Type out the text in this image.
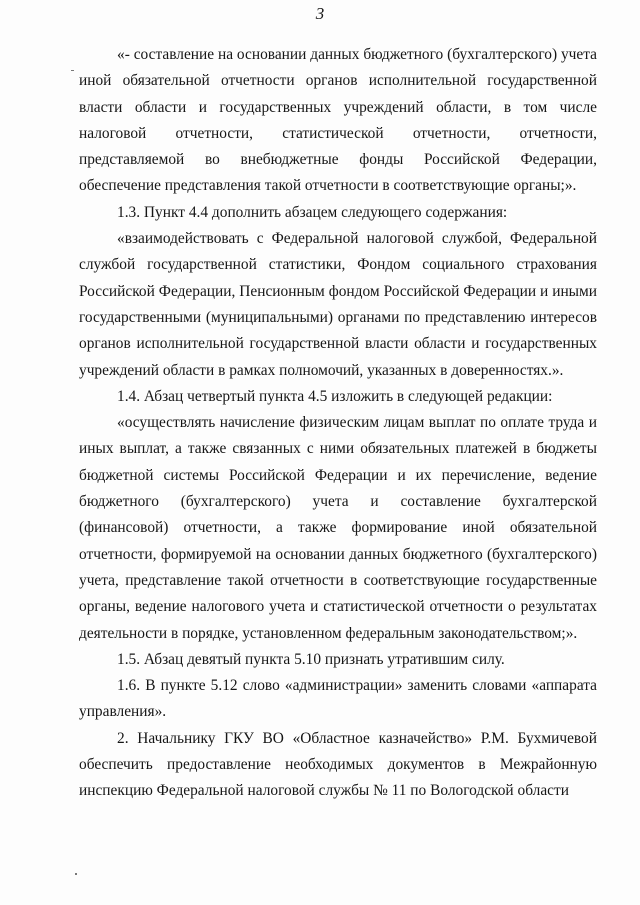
3

«- составление на основании данных бюджетного (бухгалтерского) учета иной обязательной отчетности органов исполнительной государственной власти области и государственных учреждений области, в том числе налоговой отчетности, статистической отчетности, отчетности, представляемой во внебюджетные фонды Российской Федерации, обеспечение представления такой отчетности в соответствующие органы;».

1.3. Пункт 4.4 дополнить абзацем следующего содержания:

«взаимодействовать с Федеральной налоговой службой, Федеральной службой государственной статистики, Фондом социального страхования Российской Федерации, Пенсионным фондом Российской Федерации и иными государственными (муниципальными) органами по представлению интересов органов исполнительной государственной власти области и государственных учреждений области в рамках полномочий, указанных в доверенностях.».

1.4. Абзац четвертый пункта 4.5 изложить в следующей редакции:

«осуществлять начисление физическим лицам выплат по оплате труда и иных выплат, а также связанных с ними обязательных платежей в бюджеты бюджетной системы Российской Федерации и их перечисление, ведение бюджетного (бухгалтерского) учета и составление бухгалтерской (финансовой) отчетности, а также формирование иной обязательной отчетности, формируемой на основании данных бюджетного (бухгалтерского) учета, представление такой отчетности в соответствующие государственные органы, ведение налогового учета и статистической отчетности о результатах деятельности в порядке, установленном федеральным законодательством;».

1.5. Абзац девятый пункта 5.10 признать утратившим силу.

1.6. В пункте 5.12 слово «администрации» заменить словами «аппарата управления».

2. Начальнику ГКУ ВО «Областное казначейство» Р.М. Бухмичевой обеспечить предоставление необходимых документов в Межрайонную инспекцию Федеральной налоговой службы № 11 по Вологодской области
